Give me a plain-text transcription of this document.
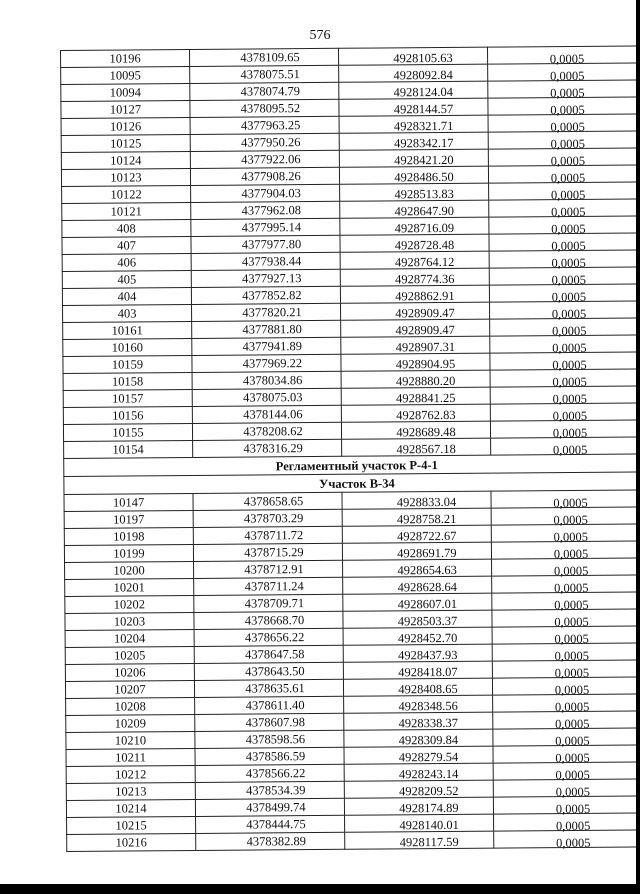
576
10196	4378109.65	4928105.63	0,0005
10095	4378075.51	4928092.84	0,0005
10094	4378074.79	4928124.04	0,0005
10127	4378095.52	4928144.57	0,0005
10126	4377963.25	4928321.71	0,0005
10125	4377950.26	4928342.17	0,0005
10124	4377922.06	4928421.20	0,0005
10123	4377908.26	4928486.50	0,0005
10122	4377904.03	4928513.83	0,0005
10121	4377962.08	4928647.90	0,0005
408	4377995.14	4928716.09	0,0005
407	4377977.80	4928728.48	0,0005
406	4377938.44	4928764.12	0,0005
405	4377927.13	4928774.36	0,0005
404	4377852.82	4928862.91	0,0005
403	4377820.21	4928909.47	0,0005
10161	4377881.80	4928909.47	0,0005
10160	4377941.89	4928907.31	0,0005
10159	4377969.22	4928904.95	0,0005
10158	4378034.86	4928880.20	0,0005
10157	4378075.03	4928841.25	0,0005
10156	4378144.06	4928762.83	0,0005
10155	4378208.62	4928689.48	0,0005
10154	4378316.29	4928567.18	0,0005
Регламентный участок Р-4-1			
Участок В-34			
10147	4378658.65	4928833.04	0,0005
10197	4378703.29	4928758.21	0,0005
10198	4378711.72	4928722.67	0,0005
10199	4378715.29	4928691.79	0,0005
10200	4378712.91	4928654.63	0,0005
10201	4378711.24	4928628.64	0,0005
10202	4378709.71	4928607.01	0,0005
10203	4378668.70	4928503.37	0,0005
10204	4378656.22	4928452.70	0,0005
10205	4378647.58	4928437.93	0,0005
10206	4378643.50	4928418.07	0,0005
10207	4378635.61	4928408.65	0,0005
10208	4378611.40	4928348.56	0,0005
10209	4378607.98	4928338.37	0,0005
10210	4378598.56	4928309.84	0,0005
10211	4378586.59	4928279.54	0,0005
10212	4378566.22	4928243.14	0,0005
10213	4378534.39	4928209.52	0,0005
10214	4378499.74	4928174.89	0,0005
10215	4378444.75	4928140.01	0,0005
10216	4378382.89	4928117.59	0,0005
